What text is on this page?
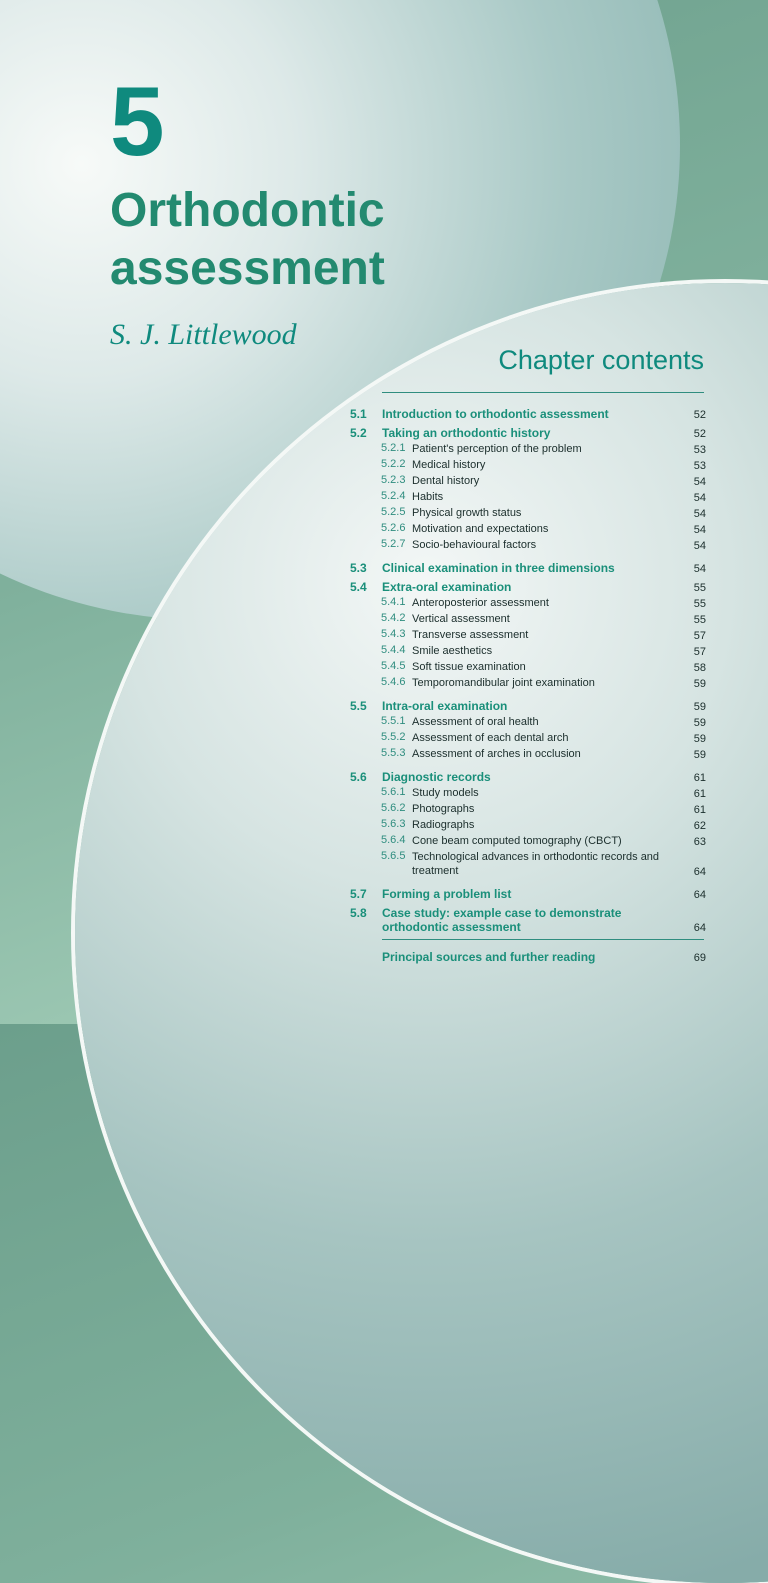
5
Orthodontic
assessment

S. J. Littlewood

Chapter contents
5.1 Introduction to orthodontic assessment	52
5.2 Taking an orthodontic history	52
5.2.1 Patient's perception of the problem	53
5.2.2 Medical history	53
5.2.3 Dental history	54
5.2.4 Habits	54
5.2.5 Physical growth status	54
5.2.6 Motivation and expectations	54
5.2.7 Socio-behavioural factors	54
5.3 Clinical examination in three dimensions	54
5.4 Extra-oral examination	55
5.4.1 Anteroposterior assessment	55
5.4.2 Vertical assessment	55
5.4.3 Transverse assessment	57
5.4.4 Smile aesthetics	57
5.4.5 Soft tissue examination	58
5.4.6 Temporomandibular joint examination	59
5.5 Intra-oral examination	59
5.5.1 Assessment of oral health	59
5.5.2 Assessment of each dental arch	59
5.5.3 Assessment of arches in occlusion	59
5.6 Diagnostic records	61
5.6.1 Study models	61
5.6.2 Photographs	61
5.6.3 Radiographs	62
5.6.4 Cone beam computed tomography (CBCT)	63
5.6.5 Technological advances in orthodontic records and treatment	64
5.7 Forming a problem list	64
5.8 Case study: example case to demonstrate orthodontic assessment	64
Principal sources and further reading	69
